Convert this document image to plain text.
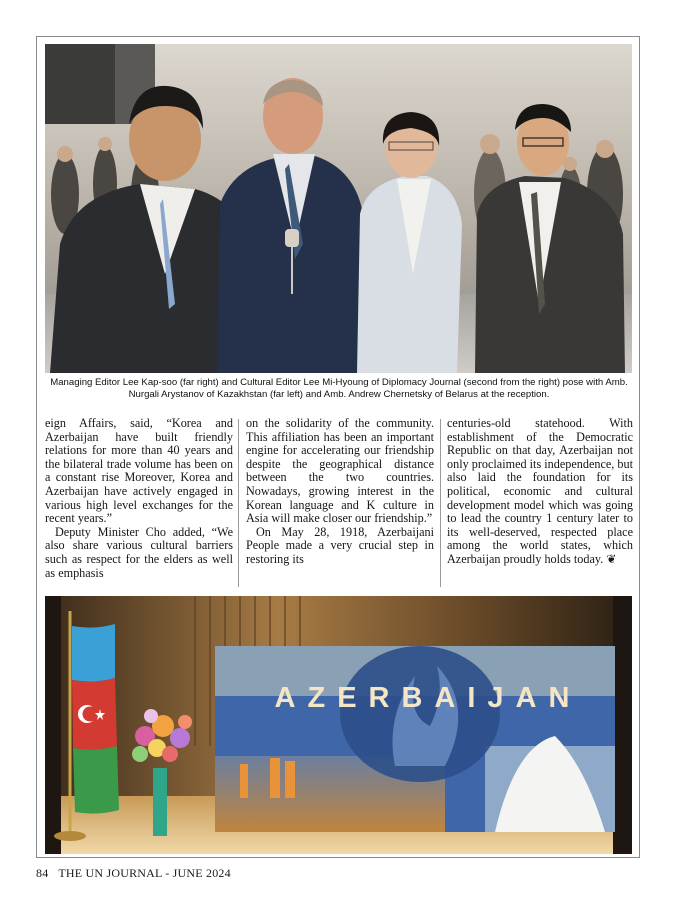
Managing Editor Lee Kap-soo (far right) and Cultural Editor Lee Mi-Hyoung of Diplomacy Journal (second from the right) pose with Amb. Nurgali Arystanov of Kazakhstan (far left) and Amb. Andrew Chernetsky of Belarus at the reception.

eign Affairs, said, “Korea and Azerbaijan have built friendly relations for more than 40 years and the bilateral trade volume has been on a constant rise Moreover, Korea and Azerbaijan have actively engaged in various high level exchanges for the recent years.”

Deputy Minister Cho added, “We also share various cultural barriers such as respect for the elders as well as emphasis

on the solidarity of the community. This affiliation has been an important engine for accelerating our friendship despite the geographical distance between the two countries. Nowadays, growing interest in the Korean language and K culture in Asia will make closer our friendship.”

On May 28, 1918, Azerbaijani People made a very crucial step in restoring its

centuries-old statehood. With establishment of the Democratic Republic on that day, Azerbaijan not only proclaimed its independence, but also laid the foundation for its political, economic and cultural development model which was going to lead the country 1 century later to its well-deserved, respected place among the world states, which Azerbaijan proudly holds today. ❦

AZERBAIJAN
84 THE UN JOURNAL - JUNE 2024
